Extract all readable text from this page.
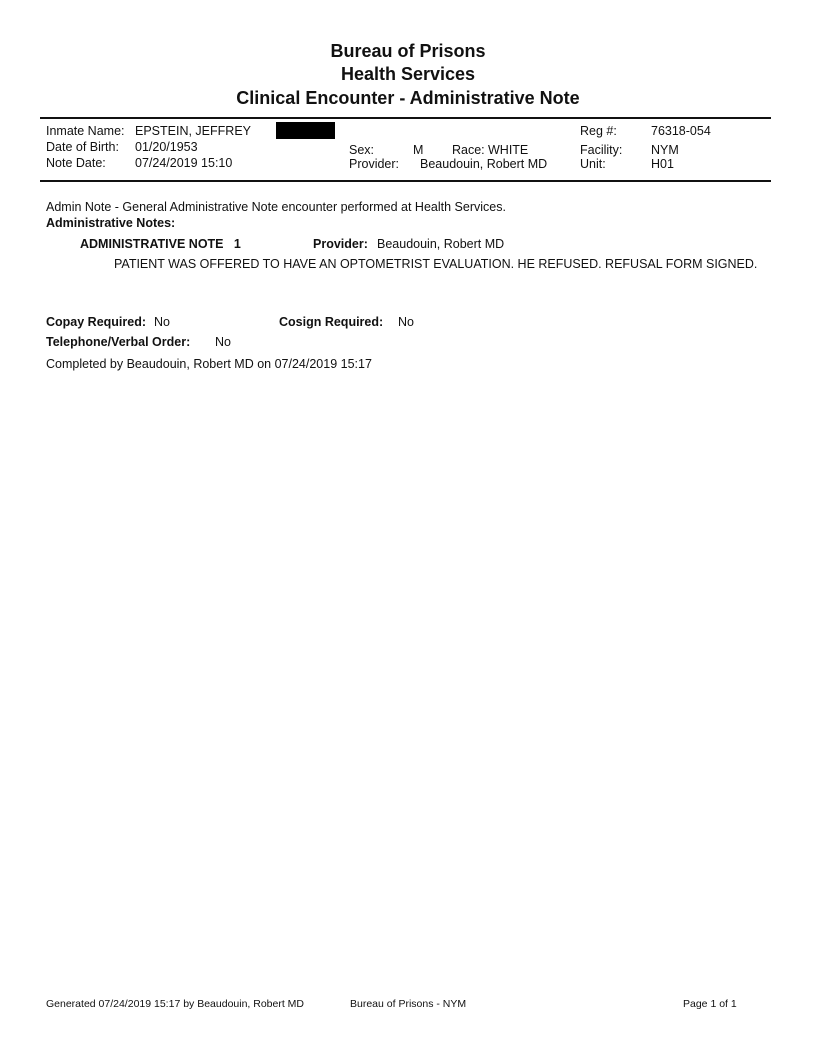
Bureau of Prisons
Health Services
Clinical Encounter - Administrative Note
Inmate Name: EPSTEIN, JEFFREY
Date of Birth: 01/20/1953
Note Date: 07/24/2019 15:10
Sex:	M Race: WHITE
Provider: Beaudouin, Robert MD
Reg #:	76318-054
Facility: NYM
Unit:	H01
Admin Note - General Administrative Note encounter performed at Health Services.
Administrative Notes:
ADMINISTRATIVE NOTE   1	Provider: Beaudouin, Robert MD
PATIENT WAS OFFERED TO HAVE AN OPTOMETRIST EVALUATION. HE REFUSED. REFUSAL FORM SIGNED.
Copay Required: No	Cosign Required: No
Telephone/Verbal Order: No
Completed by Beaudouin, Robert MD on 07/24/2019 15:17
Generated 07/24/2019 15:17 by Beaudouin, Robert MD	Bureau of Prisons - NYM	Page 1 of 1
